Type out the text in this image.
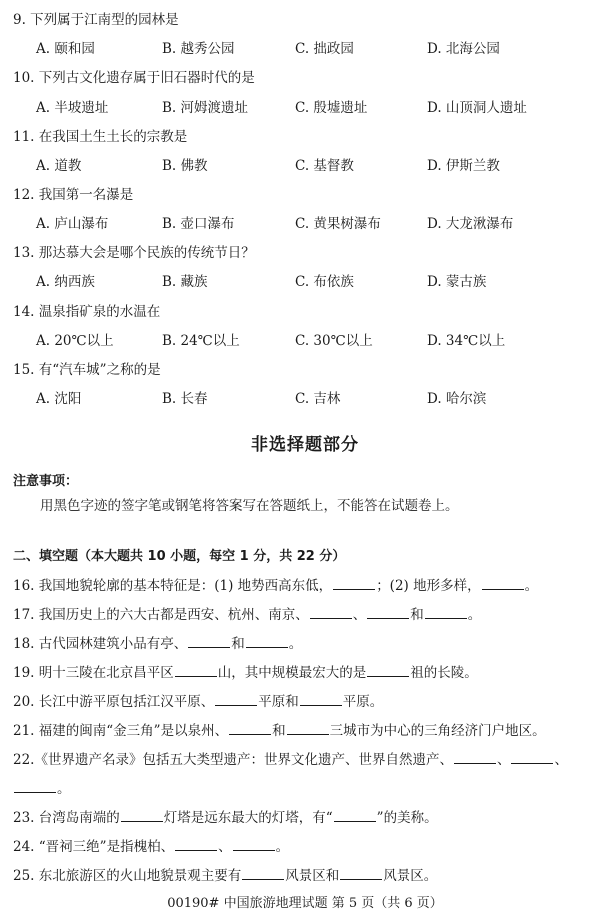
9. 下列属于江南型的园林是
A. 颐和园	B. 越秀公园	C. 拙政园	D. 北海公园
10. 下列古文化遗存属于旧石器时代的是
A. 半坡遗址	B. 河姆渡遗址	C. 殷墟遗址	D. 山顶洞人遗址
11. 在我国土生土长的宗教是
A. 道教	B. 佛教	C. 基督教	D. 伊斯兰教
12. 我国第一名瀑是
A. 庐山瀑布	B. 壶口瀑布	C. 黄果树瀑布	D. 大龙湫瀑布
13. 那达慕大会是哪个民族的传统节日？
A. 纳西族	B. 藏族	C. 布依族	D. 蒙古族
14. 温泉指矿泉的水温在
A. 20℃以上	B. 24℃以上	C. 30℃以上	D. 34℃以上
15. 有“汽车城”之称的是
A. 沈阳	B. 长春	C. 吉林	D. 哈尔滨
非选择题部分
注意事项：
用黑色字迹的签字笔或钢笔将答案写在答题纸上，不能答在试题卷上。
二、填空题（本大题共 10 小题，每空 1 分，共 22 分）
16. 我国地貌轮廓的基本特征是：(1) 地势西高东低，	；(2) 地形多样，	。
17. 我国历史上的六大古都是西安、杭州、南京、	、	和	。
18. 古代园林建筑小品有亭、	和	。
19. 明十三陵在北京昌平区	山，其中规模最宏大的是	祖的长陵。
20. 长江中游平原包括江汉平原、	平原和	平原。
21. 福建的闽南“金三角”是以泉州、	和	三城市为中心的三角经济门户地区。
22.《世界遗产名录》包括五大类型遗产：世界文化遗产、世界自然遗产、	、	、
。
23. 台湾岛南端的	灯塔是远东最大的灯塔，有“	”的美称。
24. “晋祠三绝”是指槐柏、	、	。
25. 东北旅游区的火山地貌景观主要有	风景区和	风景区。
00190# 中国旅游地理试题 第 5 页（共 6 页）
